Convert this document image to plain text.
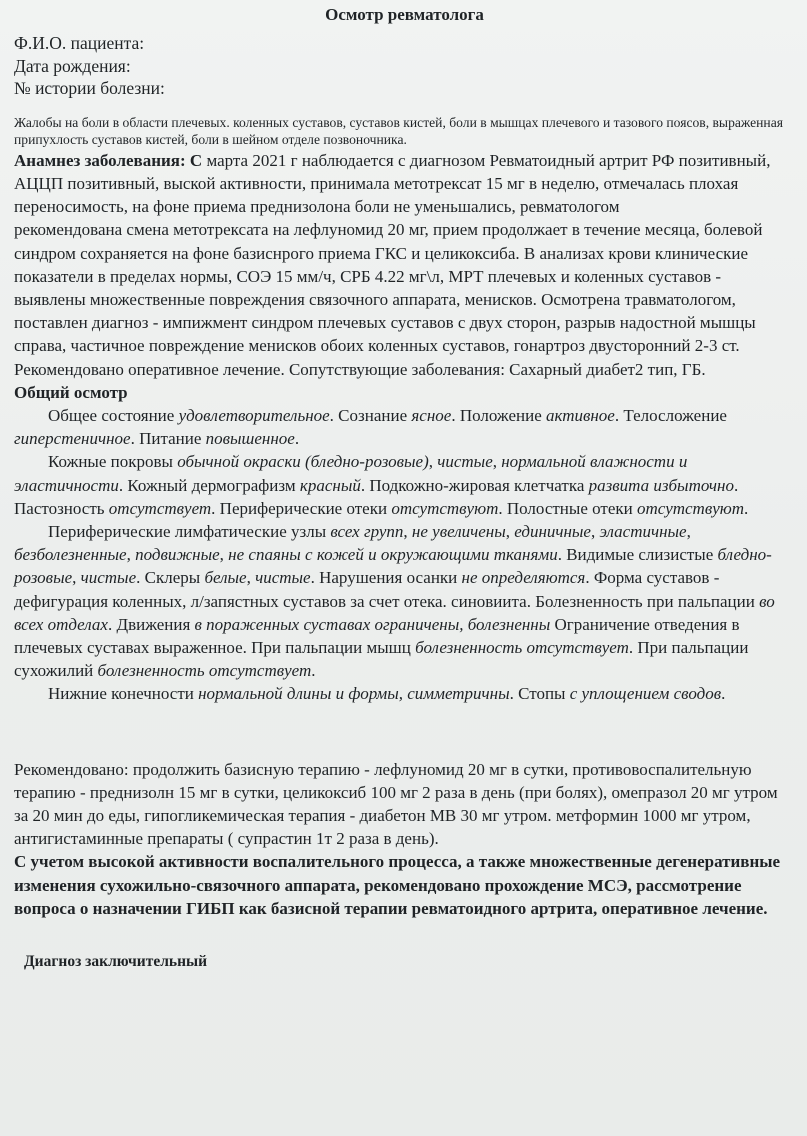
Осмотр ревматолога

Ф.И.О. пациента:

Дата рождения:

№ истории болезни:

Жалобы на боли в области плечевых. коленных суставов, суставов кистей, боли в мышцах плечевого и тазового поясов, выраженная припухлость суставов кистей, боли в шейном отделе позвоночника.

Анамнез заболевания: С марта 2021 г наблюдается с диагнозом Ревматоидный артрит РФ позитивный, АЦЦП позитивный, выской активности, принимала метотрексат 15 мг в неделю, отмечалась плохая переносимость, на фоне приема преднизолона боли не уменьшались, ревматологомрекомендована смена метотрексата на лефлуномид 20 мг, прием продолжает в течение месяца, болевой синдром сохраняется на фоне базиснрого приема ГКС и целикоксиба. В анализах крови клинические показатели в пределах нормы, СОЭ 15 мм/ч, СРБ 4.22 мг\л, МРТ плечевых и коленных суставов - выявлены множественные повреждения связочного аппарата, менисков. Осмотрена травматологом, поставлен диагноз - импижмент синдром плечевых суставов с двух сторон, разрыв надостной мышцы справа, частичное повреждение менисков обоих коленных суставов, гонартроз двусторонний 2-3 ст. Рекомендовано оперативное лечение. Сопутствующие заболевания: Сахарный диабет2 тип, ГБ.

Общий осмотр

Общее состояние удовлетворительное. Сознание ясное. Положение активное. Телосложение гиперстеничное. Питание повышенное.

Кожные покровы обычной окраски (бледно-розовые), чистые, нормальной влажности и эластичности. Кожный дермографизм красный. Подкожно-жировая клетчатка развита избыточно. Пастозность отсутствует. Периферические отеки отсутствуют. Полостные отеки отсутствуют.

Периферические лимфатические узлы всех групп, не увеличены, единичные, эластичные, безболезненные, подвижные, не спаяны с кожей и окружающими тканями. Видимые слизистые бледно-розовые, чистые. Склеры белые, чистые. Нарушения осанки не определяются. Форма суставов - дефигурация коленных, л/запястных суставов за счет отека. синовиита. Болезненность при пальпации во всех отделах. Движения в пораженных суставах ограничены, болезненны Ограничение отведения в плечевых суставах выраженное. При пальпации мышц болезненность отсутствует. При пальпации сухожилий болезненность отсутствует.

Нижние конечности нормальной длины и формы, симметричны. Стопы с уплощением сводов.

Рекомендовано: продолжить базисную терапию - лефлуномид 20 мг в сутки, противовоспалительную терапию - преднизолн 15 мг в сутки, целикоксиб 100 мг 2 раза в день (при болях), омепразол 20 мг утром за 20 мин до еды, гипогликемическая терапия - диабетон МВ 30 мг утром. метформин 1000 мг утром, антигистаминные препараты ( супрастин 1т 2 раза в день).

С учетом высокой активности воспалительного процесса, а также множественные дегенеративные изменения сухожильно-связочного аппарата, рекомендовано прохождение МСЭ, рассмотрение вопроса о назначении ГИБП как базисной терапии ревматоидного артрита, оперативное лечение.

Диагноз заключительный
